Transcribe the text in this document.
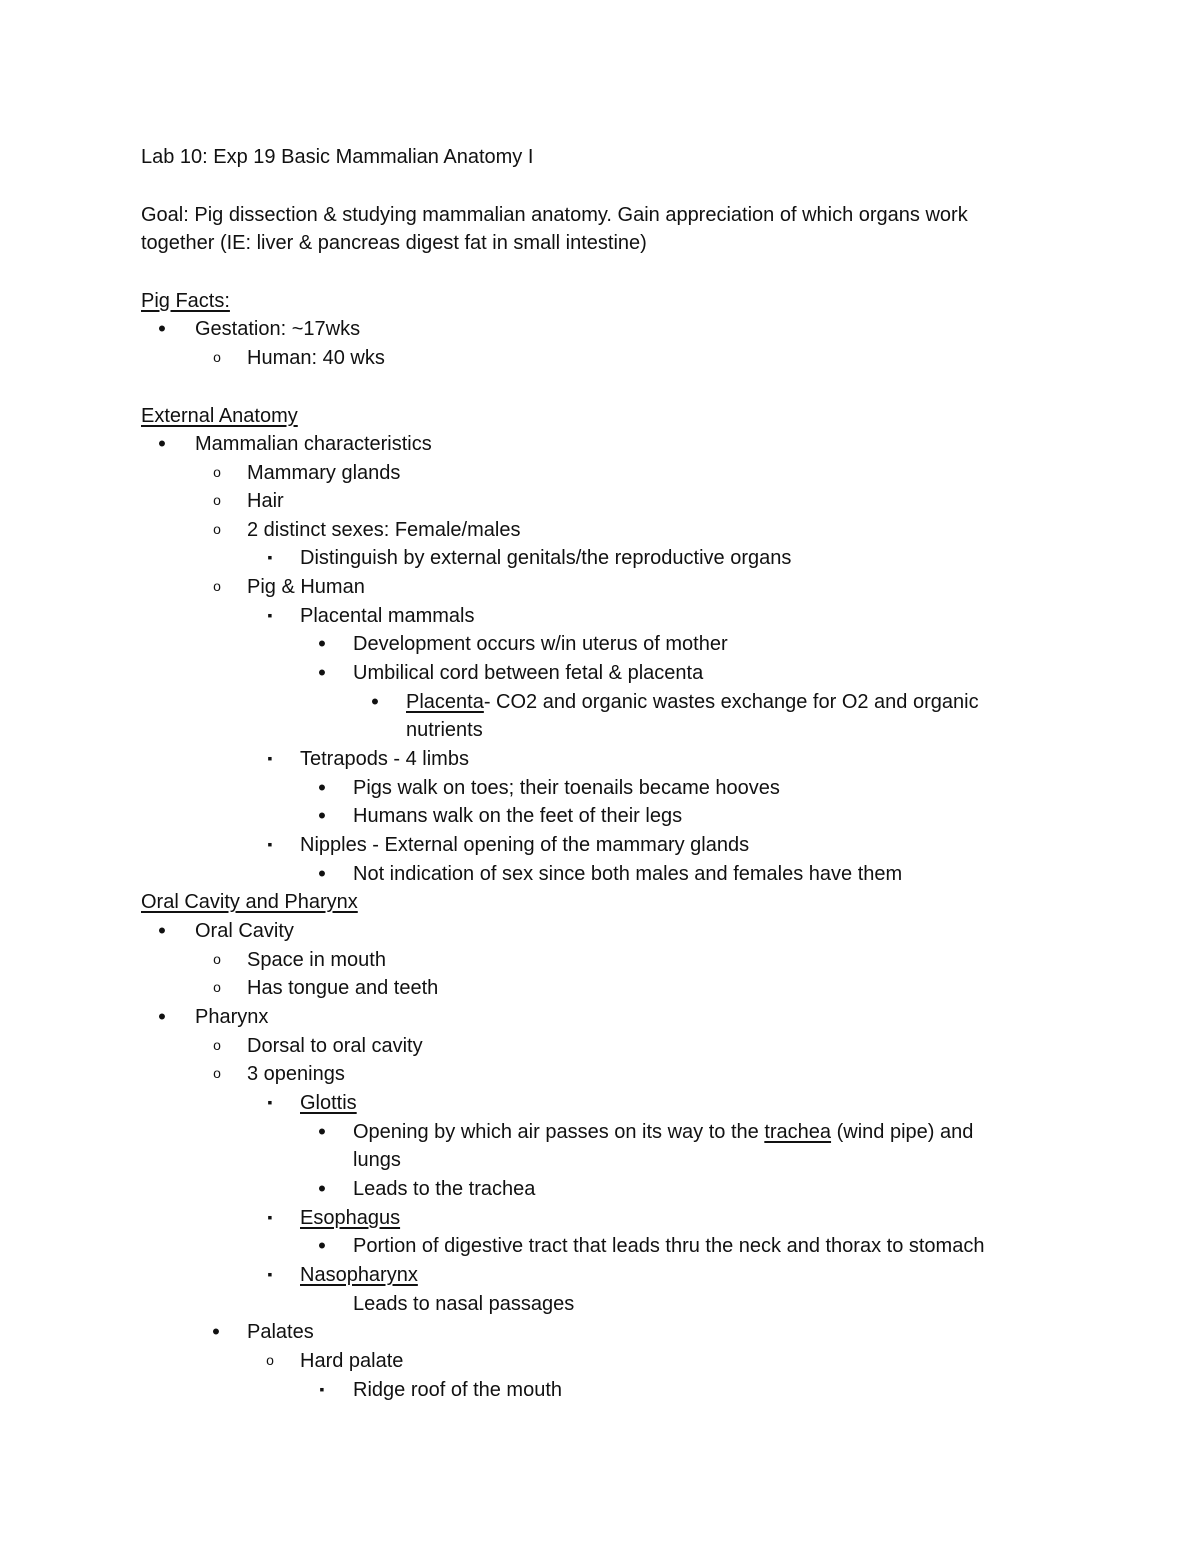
Lab 10: Exp 19 Basic Mammalian Anatomy I
Goal: Pig dissection & studying mammalian anatomy. Gain appreciation of which organs work
together (IE: liver & pancreas digest fat in small intestine)
Pig Facts:
•
Gestation: ~17wks
o
Human: 40 wks
External Anatomy
•
Mammalian characteristics
o
Mammary glands
o
Hair
o
2 distinct sexes: Female/males
▪
Distinguish by external genitals/the reproductive organs
o
Pig & Human
▪
Placental mammals
•
Development occurs w/in uterus of mother
•
Umbilical cord between fetal & placenta
•
Placenta- CO2 and organic wastes exchange for O2 and organic
nutrients
▪
Tetrapods - 4 limbs
•
Pigs walk on toes; their toenails became hooves
•
Humans walk on the feet of their legs
▪
Nipples - External opening of the mammary glands
•
Not indication of sex since both males and females have them
Oral Cavity and Pharynx
•
Oral Cavity
o
Space in mouth
o
Has tongue and teeth
•
Pharynx
o
Dorsal to oral cavity
o
3 openings
▪
Glottis
•
Opening by which air passes on its way to the trachea (wind pipe) and
lungs
•
Leads to the trachea
▪
Esophagus
•
Portion of digestive tract that leads thru the neck and thorax to stomach
▪
Nasopharynx
Leads to nasal passages
•
Palates
o
Hard palate
▪
Ridge roof of the mouth
